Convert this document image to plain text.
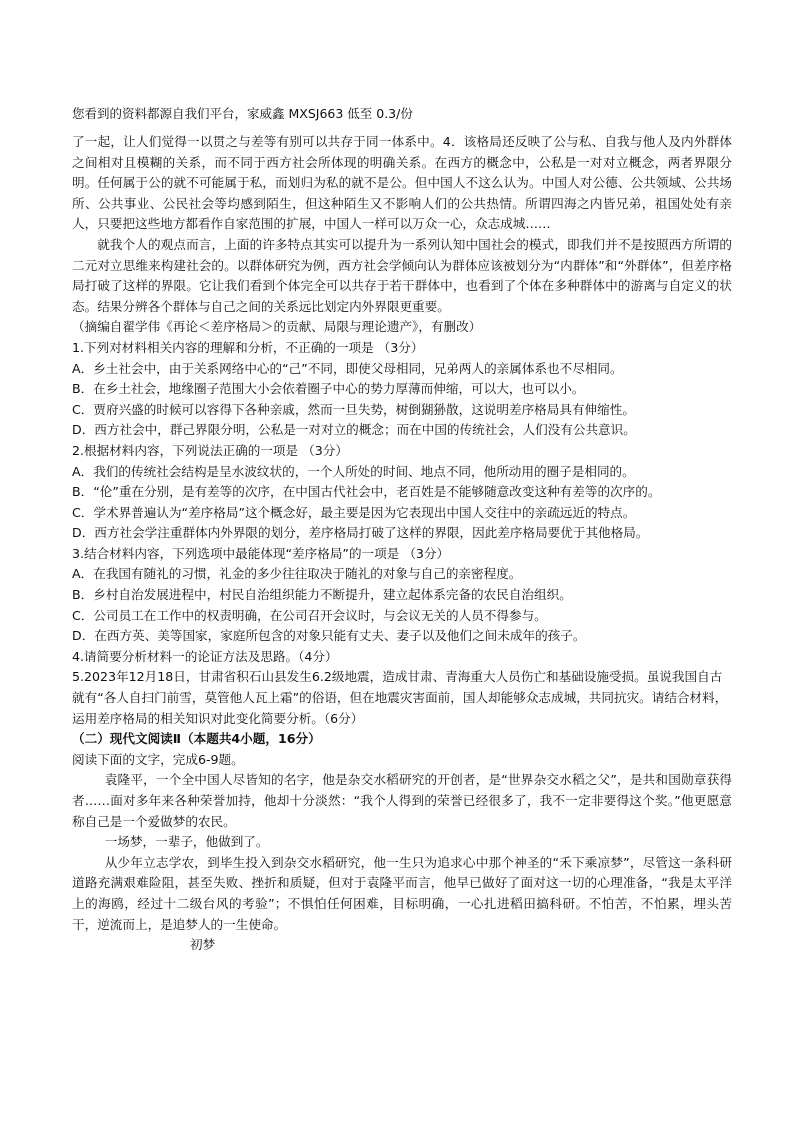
您看到的资料都源自我们平台，家威鑫 MXSJ663 低至 0.3/份

了一起，让人们觉得一以贯之与差等有别可以共存于同一体系中。4．该格局还反映了公与私、自我与他人及内外群体之间相对且模糊的关系，而不同于西方社会所体现的明确关系。在西方的概念中，公私是一对对立概念，两者界限分明。任何属于公的就不可能属于私，而划归为私的就不是公。但中国人不这么认为。中国人对公德、公共领域、公共场所、公共事业、公民社会等均感到陌生，但这种陌生又不影响人们的公共热情。所谓四海之内皆兄弟，祖国处处有亲人，只要把这些地方都看作自家范围的扩展，中国人一样可以万众一心，众志成城……

就我个人的观点而言，上面的许多特点其实可以提升为一系列认知中国社会的模式，即我们并不是按照西方所谓的二元对立思维来构建社会的。以群体研究为例，西方社会学倾向认为群体应该被划分为“内群体”和“外群体”，但差序格局打破了这样的界限。它让我们看到个体完全可以共存于若干群体中，也看到了个体在多种群体中的游离与自定义的状态。结果分辨各个群体与自己之间的关系远比划定内外界限更重要。

（摘编自翟学伟《再论＜差序格局＞的贡献、局限与理论遗产》，有删改）

1.下列对材料相关内容的理解和分析，不正确的一项是 （3分）

A．乡土社会中，由于关系网络中心的“己”不同，即使父母相同，兄弟两人的亲属体系也不尽相同。

B．在乡土社会，地缘圈子范围大小会依着圈子中心的势力厚薄而伸缩，可以大，也可以小。

C．贾府兴盛的时候可以容得下各种亲戚，然而一旦失势，树倒猢狲散，这说明差序格局具有伸缩性。

D．西方社会中，群己界限分明，公私是一对对立的概念；而在中国的传统社会，人们没有公共意识。

2.根据材料内容，下列说法正确的一项是 （3分）

A．我们的传统社会结构是呈水波纹状的，一个人所处的时间、地点不同，他所动用的圈子是相同的。

B．“伦”重在分别，是有差等的次序，在中国古代社会中，老百姓是不能够随意改变这种有差等的次序的。

C．学术界普遍认为“差序格局”这个概念好，最主要是因为它表现出中国人交往中的亲疏远近的特点。

D．西方社会学注重群体内外界限的划分，差序格局打破了这样的界限，因此差序格局要优于其他格局。

3.结合材料内容，下列选项中最能体现“差序格局”的一项是 （3分）

A．在我国有随礼的习惯，礼金的多少往往取决于随礼的对象与自己的亲密程度。

B．乡村自治发展进程中，村民自治组织能力不断提升，建立起体系完备的农民自治组织。

C．公司员工在工作中的权责明确，在公司召开会议时，与会议无关的人员不得参与。

D．在西方英、美等国家，家庭所包含的对象只能有丈夫、妻子以及他们之间未成年的孩子。

4.请简要分析材料一的论证方法及思路。（4分）

5.2023年12月18日，甘肃省积石山县发生6.2级地震，造成甘肃、青海重大人员伤亡和基础设施受损。虽说我国自古就有“各人自扫门前雪，莫管他人瓦上霜”的俗语，但在地震灾害面前，国人却能够众志成城，共同抗灾。请结合材料，运用差序格局的相关知识对此变化简要分析。（6分）

（二）现代文阅读Ⅱ（本题共4小题，16分）

阅读下面的文字，完成6-9题。

袁隆平，一个全中国人尽皆知的名字，他是杂交水稻研究的开创者，是“世界杂交水稻之父”，是共和国勋章获得者……面对多年来各种荣誉加持，他却十分淡然：“我个人得到的荣誉已经很多了，我不一定非要得这个奖。”他更愿意称自己是一个爱做梦的农民。

一场梦，一辈子，他做到了。

从少年立志学农，到毕生投入到杂交水稻研究，他一生只为追求心中那个神圣的“禾下乘凉梦”，尽管这一条科研道路充满艰难险阻，甚至失败、挫折和质疑，但对于袁隆平而言，他早已做好了面对这一切的心理准备，“我是太平洋上的海鸥，经过十二级台风的考验”；不惧怕任何困难，目标明确，一心扎进稻田搞科研。不怕苦，不怕累，埋头苦干，逆流而上，是追梦人的一生使命。

初梦
